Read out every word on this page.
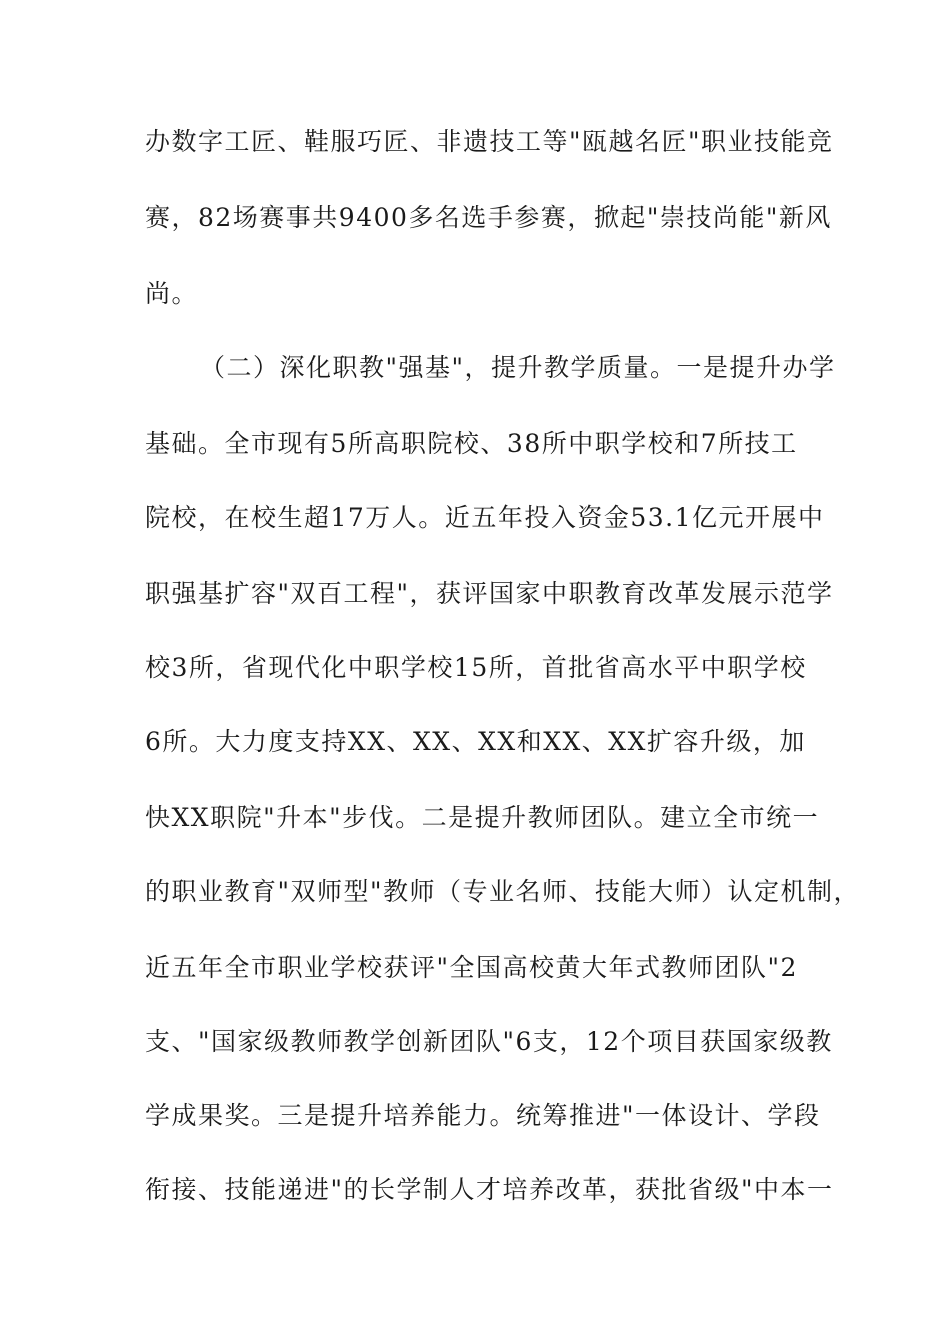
办数字工匠、鞋服巧匠、非遗技工等"瓯越名匠"职业技能竞
赛，82场赛事共9400多名选手参赛，掀起"崇技尚能"新风
尚。
（二）深化职教"强基"，提升教学质量。一是提升办学
基础。全市现有5所高职院校、38所中职学校和7所技工
院校，在校生超17万人。近五年投入资金53.1亿元开展中
职强基扩容"双百工程"，获评国家中职教育改革发展示范学
校3所，省现代化中职学校15所，首批省高水平中职学校
6所。大力度支持XX、XX、XX和XX、XX扩容升级，加
快XX职院"升本"步伐。二是提升教师团队。建立全市统一
的职业教育"双师型"教师（专业名师、技能大师）认定机制，
近五年全市职业学校获评"全国高校黄大年式教师团队"2
支、"国家级教师教学创新团队"6支，12个项目获国家级教
学成果奖。三是提升培养能力。统筹推进"一体设计、学段
衔接、技能递进"的长学制人才培养改革，获批省级"中本一
